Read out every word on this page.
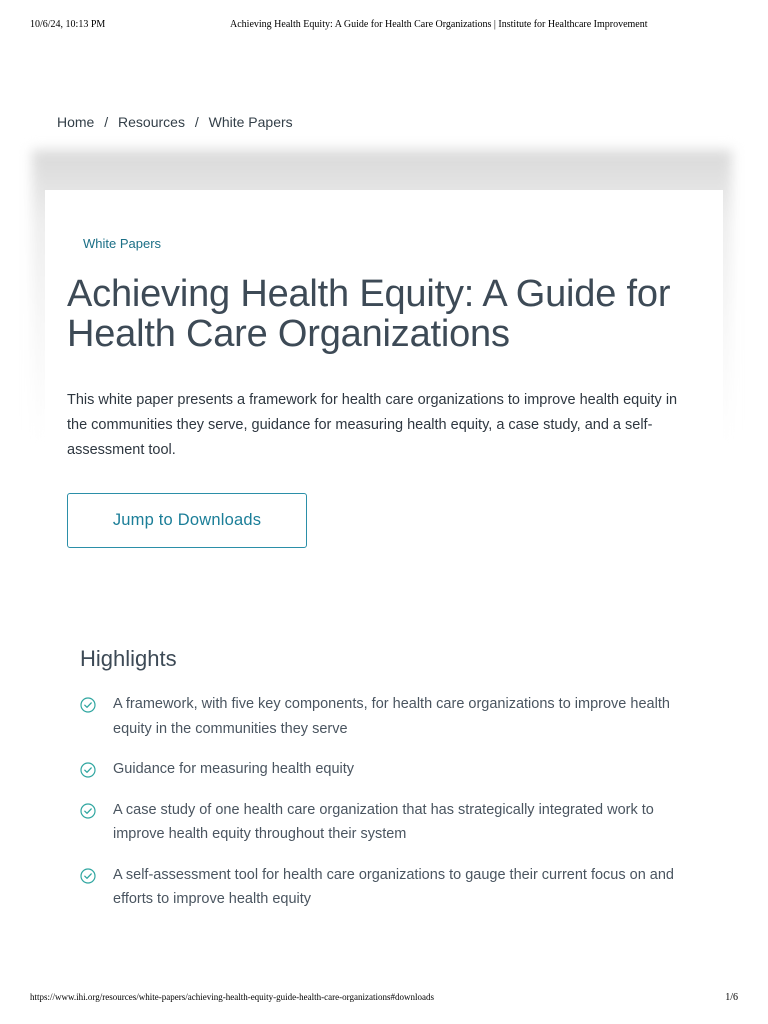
10/6/24, 10:13 PM	Achieving Health Equity: A Guide for Health Care Organizations | Institute for Healthcare Improvement
Home / Resources / White Papers
White Papers
Achieving Health Equity: A Guide for Health Care Organizations

This white paper presents a framework for health care organizations to improve health equity in the communities they serve, guidance for measuring health equity, a case study, and a self-assessment tool.

Jump to Downloads
Highlights
A framework, with five key components, for health care organizations to improve health equity in the communities they serve
Guidance for measuring health equity
A case study of one health care organization that has strategically integrated work to improve health equity throughout their system
A self-assessment tool for health care organizations to gauge their current focus on and efforts to improve health equity
https://www.ihi.org/resources/white-papers/achieving-health-equity-guide-health-care-organizations#downloads	1/6
